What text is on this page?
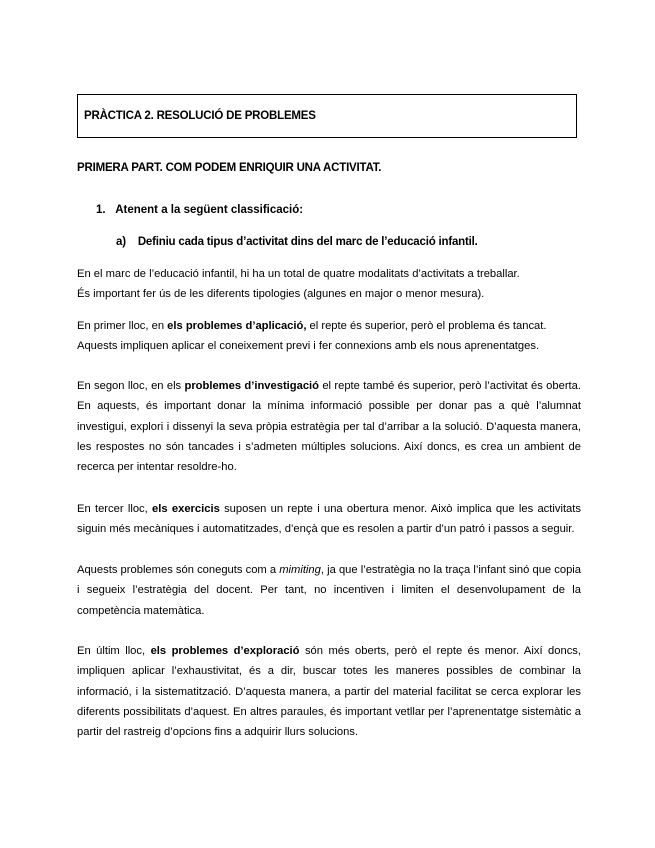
PRÀCTICA 2. RESOLUCIÓ DE PROBLEMES
PRIMERA PART. COM PODEM ENRIQUIR UNA ACTIVITAT.
1. Atenent a la següent classificació:
a) Definiu cada tipus d’activitat dins del marc de l’educació infantil.

En el marc de l’educació infantil, hi ha un total de quatre modalitats d’activitats a treballar.
És important fer ús de les diferents tipologies (algunes en major o menor mesura).

En primer lloc, en els problemes d’aplicació, el repte és superior, però el problema és tancat. Aquests impliquen aplicar el coneixement previ i fer connexions amb els nous aprenentatges.

En segon lloc, en els problemes d’investigació el repte també és superior, però l’activitat és oberta. En aquests, és important donar la mínima informació possible per donar pas a què l’alumnat investigui, explori i dissenyi la seva pròpia estratègia per tal d’arribar a la solució. D’aquesta manera, les respostes no són tancades i s’admeten múltiples solucions. Així doncs, es crea un ambient de recerca per intentar resoldre-ho.

En tercer lloc, els exercicis suposen un repte i una obertura menor. Això implica que les activitats siguin més mecàniques i automatitzades, d’ençà que es resolen a partir d’un patró i passos a seguir.

Aquests problemes són coneguts com a mimiting, ja que l’estratègia no la traça l’infant sinó que copia i segueix l’estratègia del docent. Per tant, no incentiven i limiten el desenvolupament de la competència matemàtica.

En últim lloc, els problemes d’exploració són més oberts, però el repte és menor. Així doncs, impliquen aplicar l’exhaustivitat, és a dir, buscar totes les maneres possibles de combinar la informació, i la sistematització. D’aquesta manera, a partir del material facilitat se cerca explorar les diferents possibilitats d’aquest. En altres paraules, és important vetllar per l’aprenentatge sistemàtic a partir del rastreig d’opcions fins a adquirir llurs solucions.
